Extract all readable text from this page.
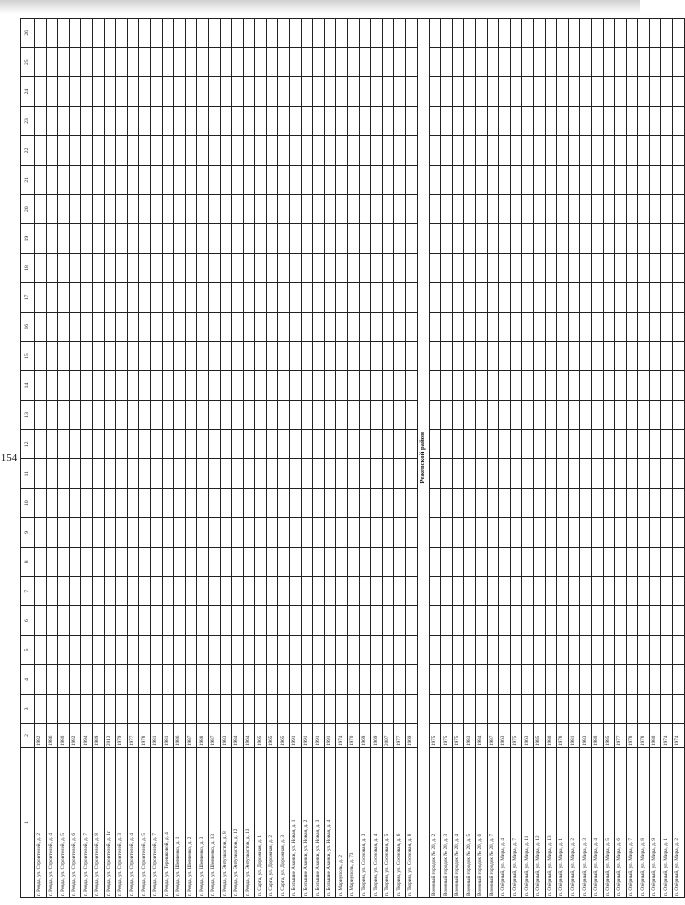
154
1	2	3	4	5	6	7	8	9	10	11	12	13	14	15	16	17	18	19	20	21	22	23	24	25	26
г. Ревда, ул. Строителей, д. 2	1982																								
г. Ревда, ул. Строителей, д. 4	1986																								
г. Ревда, ул. Строителей, д. 5	1980																								
г. Ревда, ул. Строителей, д. 6	1982																								
г. Ревда, ул. Строителей, д. 7	1994																								
г. Ревда, ул. Строителей, д. 8	1989																								
г. Ревда, ул. Строителей, д. 1г	2013																								
г. Ревда, ул. Строителей, д. 3	1979																								
г. Ревда, ул. Строителей, д. 4	1977																								
г. Ревда, ул. Строителей, д. 5	1978																								
г. Ревда, ул. Строителей, д. 7	1981																								
г. Ревда, ул. Терешковой, д. 4	1981																								
г. Ревда, ул. Шевченко, д. 1	1986																								
г. Ревда, ул. Шевченко, д. 2	1987																								
г. Ревда, ул. Шевченко, д. 3	1988																								
г. Ревда, ул. Шевченко, д. 13	1987																								
г. Ревда, ул. Энтузиастов, д. 8	1983																								
г. Ревда, ул. Энтузиастов, д. 12	1984																								
г. Ревда, ул. Энтузиастов, д. 13	1964																								
п. Сарга, ул. Дорожная, д. 1	1965																								
п. Сарга, ул. Дорожная, д. 2	1965																								
п. Сарга, ул. Дорожная, д. 3	1965																								
п. Большие Азанки, ул. Новая, д. 1	1991																								
п. Большие Азанки, ул. Новая, д. 2	1991																								
п. Большие Азанки, ул. Новая, д. 3	1991																								
п. Большие Азанки, ул. Новая, д. 4	1991																								
п. Мариуполь, д. 2	1974																								
п. Мариуполь, д. 73	1970																								
п. Тюрим, ул. Сосновая, д. 3	1969																								
п. Тюрим, ул. Сосновая, д. 4	1969																								
п. Тюрим, ул. Сосновая, д. 5	2007																								
п. Тюрим, ул. Сосновая, д. 6	1977																								
п. Тюрим, ул. Сосновая, д. 8	1969																								
Режевской район																									
Военный городок № 20, д. 2	1975																								
Военный городок № 20, д. 3	1975																								
Военный городок № 20, д. 4	1975																								
Военный городок № 20, д. 5	1983																								
Военный городок № 20, д. 6	1984																								
Военный городок № 20, д. 7	1987																								
п. Озёрный, ул. Мира, д. 4	1963																								
п. Озёрный, ул. Мира, д. 7	1975																								
п. Озёрный, ул. Мира, д. 11	1963																								
п. Озёрный, ул. Мира, д. 12	1985																								
п. Озёрный, ул. Мира, д. 13	1980																								
п. Озёрный, ул. Мира, д. 1	1978																								
п. Озёрный, ул. Мира, д. 2	1981																								
п. Озёрный, ул. Мира, д. 3	1983																								
п. Озёрный, ул. Мира, д. 4	1980																								
п. Озёрный, ул. Мира, д. 5	1985																								
п. Озёрный, ул. Мира, д. 6	1977																								
п. Озёрный, ул. Мира, д. 7	1978																								
п. Озёрный, ул. Мира, д. 8	1978																								
п. Озёрный, ул. Мира, д. 9	1980																								
п. Озёрный, ул. Мира, д. 1	1974																								
п. Озёрный, ул. Мира, д. 2	1974																								
